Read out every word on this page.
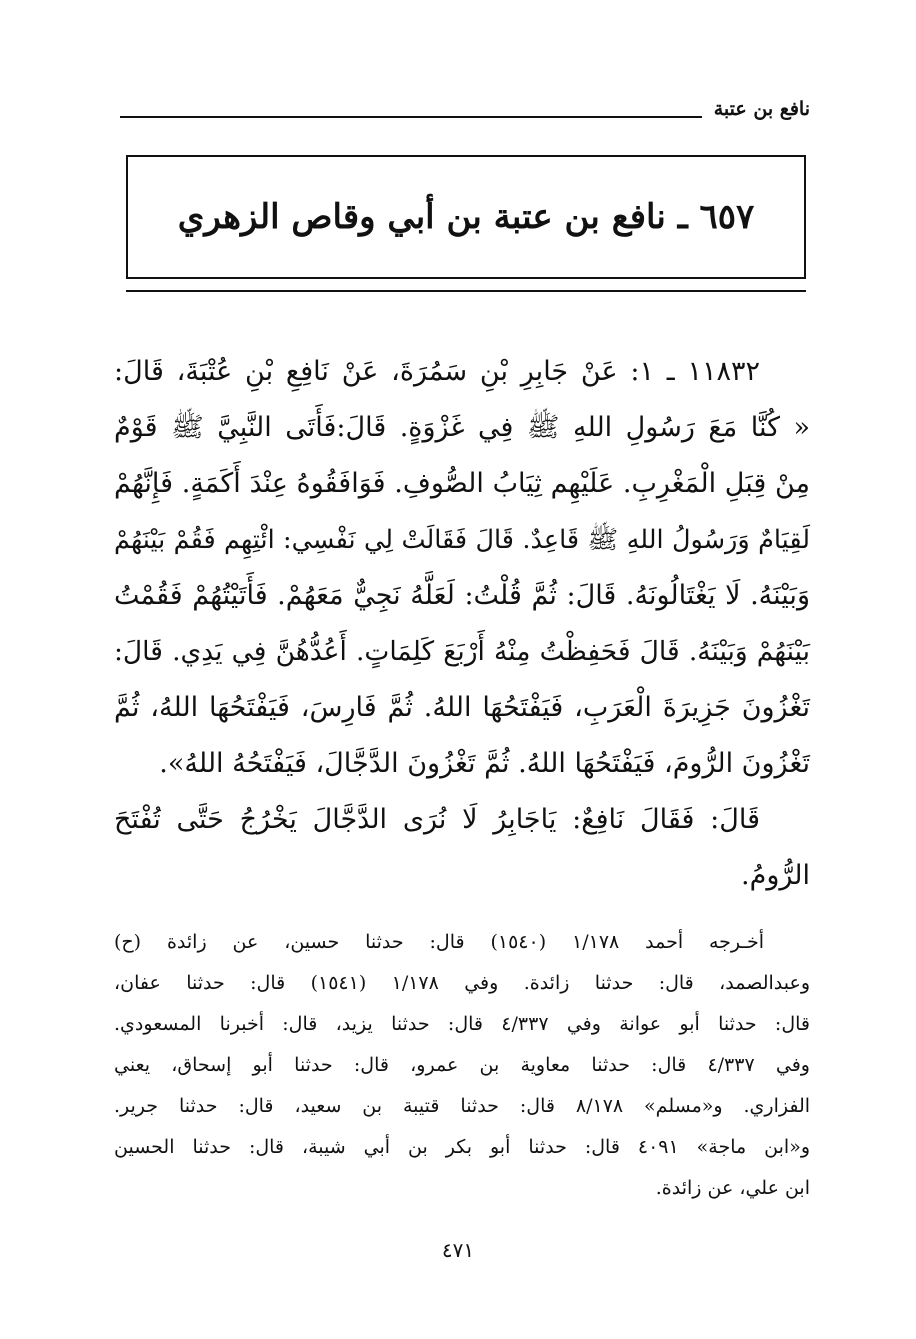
نافع بن عتبة
٦٥٧ ـ نافع بن عتبة بن أبي وقاص الزهري
١١٨٣٢ ـ ١: عَنْ جَابِرِ بْنِ سَمُرَةَ، عَنْ نَافِعِ بْنِ عُتْبَةَ، قَالَ:
« كُنَّا مَعَ رَسُولِ اللهِ ﷺ فِي غَزْوَةٍ. قَالَ:فَأَتَى النَّبِيَّ ﷺ قَوْمٌ
مِنْ قِبَلِ الْمَغْرِبِ. عَلَيْهِم ثِيَابُ الصُّوفِ. فَوَافَقُوهُ عِنْدَ أَكَمَةٍ. فَإِنَّهُمْ
لَقِيَامٌ وَرَسُولُ اللهِ ﷺ قَاعِدٌ. قَالَ فَقَالَتْ لِي نَفْسِي: ائْتِهِم فَقُمْ بَيْنَهُمْ
وَبَيْنَهُ. لَا يَغْتَالُونَهُ. قَالَ: ثُمَّ قُلْتُ: لَعَلَّهُ نَجِيٌّ مَعَهُمْ. فَأَتَيْتُهُمْ فَقُمْتُ
بَيْنَهُمْ وَبَيْنَهُ. قَالَ فَحَفِظْتُ مِنْهُ أَرْبَعَ كَلِمَاتٍ. أَعُدُّهُنَّ فِي يَدِي. قَالَ:
تَغْزُونَ جَزِيرَةَ الْعَرَبِ، فَيَفْتَحُهَا اللهُ. ثُمَّ فَارِسَ، فَيَفْتَحُهَا اللهُ، ثُمَّ
تَغْزُونَ الرُّومَ، فَيَفْتَحُهَا اللهُ. ثُمَّ تَغْزُونَ الدَّجَّالَ، فَيَفْتَحُهُ اللهُ».
قَالَ: فَقَالَ نَافِعٌ: يَاجَابِرُ لَا نُرَى الدَّجَّالَ يَخْرُجُ حَتَّى تُفْتَحَ
الرُّومُ.
أخـرجه أحمد ١/١٧٨ (١٥٤٠) قال: حدثنا حسين، عن زائدة (ح)
وعبدالصمد، قال: حدثنا زائدة. وفي ١/١٧٨ (١٥٤١) قال: حدثنا عفان،
قال: حدثنا أبو عوانة وفي ٤/٣٣٧ قال: حدثنا يزيد، قال: أخبرنا المسعودي.
وفي ٤/٣٣٧ قال: حدثنا معاوية بن عمرو، قال: حدثنا أبو إسحاق، يعني
الفزاري. و«مسلم» ٨/١٧٨ قال: حدثنا قتيبة بن سعيد، قال: حدثنا جرير.
و«ابن ماجة» ٤٠٩١ قال: حدثنا أبو بكر بن أبي شيبة، قال: حدثنا الحسين
ابن علي، عن زائدة.
٤٧١
